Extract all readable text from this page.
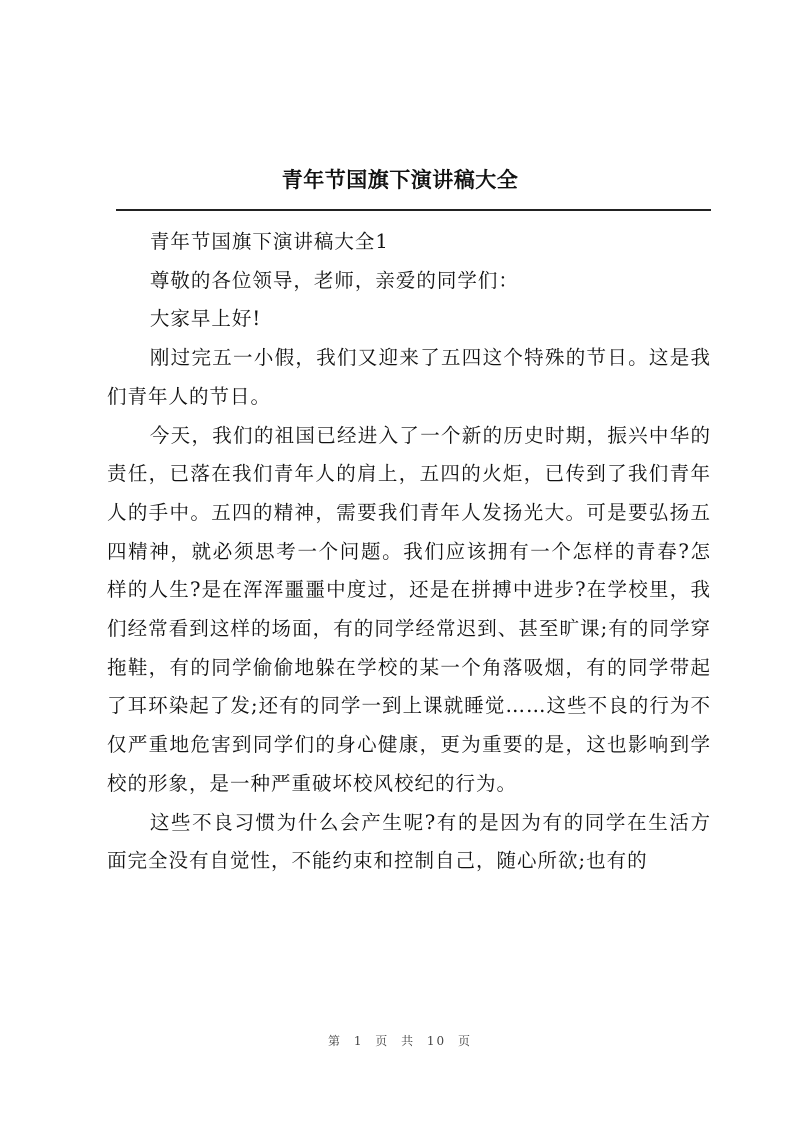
青年节国旗下演讲稿大全

青年节国旗下演讲稿大全1

尊敬的各位领导，老师，亲爱的同学们：

大家早上好!

刚过完五一小假，我们又迎来了五四这个特殊的节日。这是我们青年人的节日。

今天，我们的祖国已经进入了一个新的历史时期，振兴中华的责任，已落在我们青年人的肩上，五四的火炬，已传到了我们青年人的手中。五四的精神，需要我们青年人发扬光大。可是要弘扬五四精神，就必须思考一个问题。我们应该拥有一个怎样的青春?怎样的人生?是在浑浑噩噩中度过，还是在拼搏中进步?在学校里，我们经常看到这样的场面，有的同学经常迟到、甚至旷课;有的同学穿拖鞋，有的同学偷偷地躲在学校的某一个角落吸烟，有的同学带起了耳环染起了发;还有的同学一到上课就睡觉……这些不良的行为不仅严重地危害到同学们的身心健康，更为重要的是，这也影响到学校的形象，是一种严重破坏校风校纪的行为。

这些不良习惯为什么会产生呢?有的是因为有的同学在生活方面完全没有自觉性，不能约束和控制自己，随心所欲;也有的

第 1 页 共 10 页
